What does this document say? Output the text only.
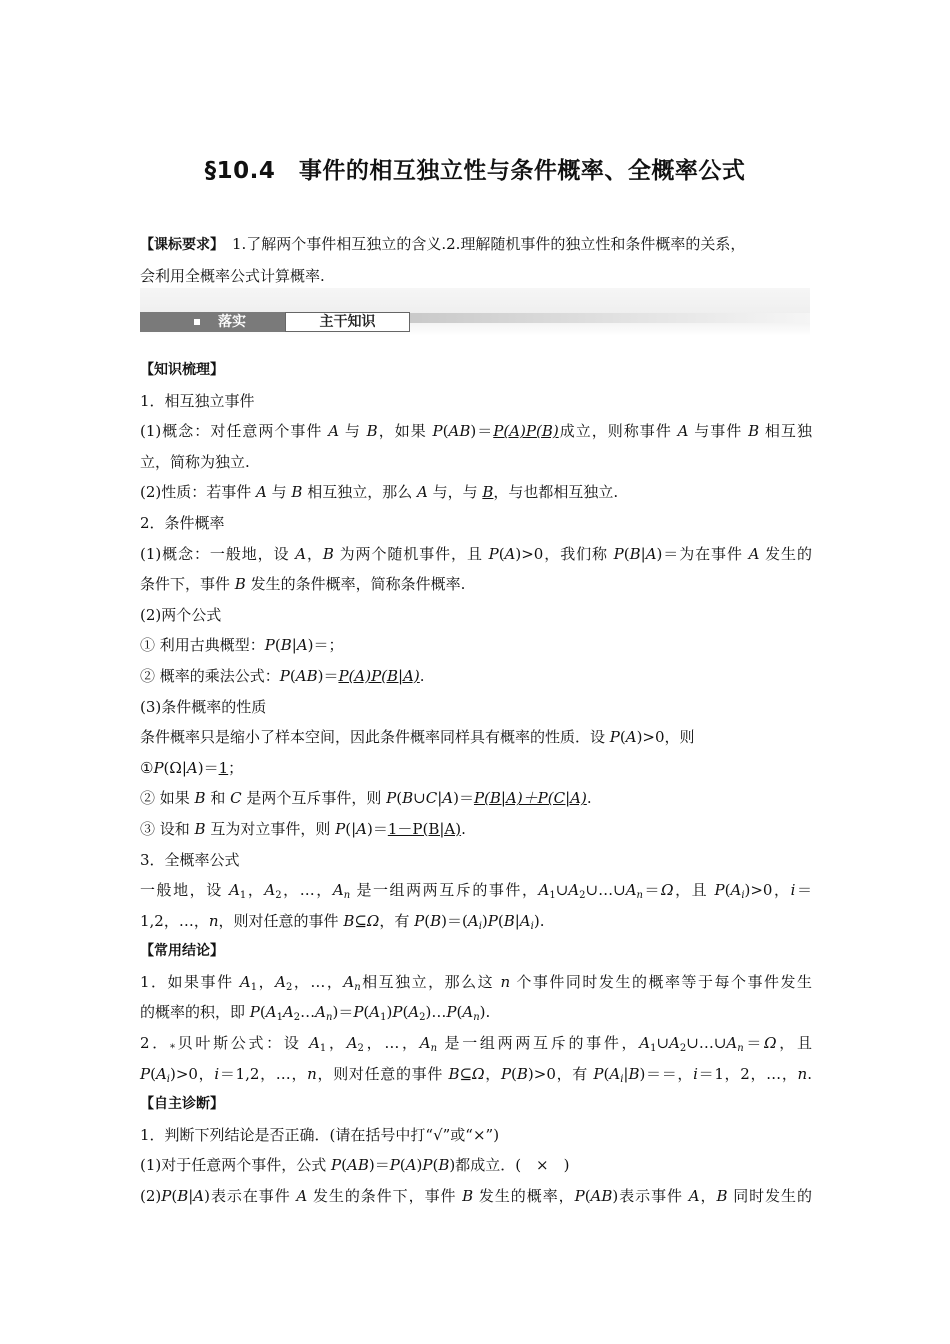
§10.4　事件的相互独立性与条件概率、全概率公式
【课标要求】 1.了解两个事件相互独立的含义.2.理解随机事件的独立性和条件概率的关系，
会利用全概率公式计算概率.
落实	主干知识
【知识梳理】
1．相互独立事件
(1)概念：对任意两个事件 A 与 B，如果 P(AB)＝P(A)P(B)成立，则称事件 A 与事件 B 相互独
立，简称为独立.
(2)性质：若事件 A 与 B 相互独立，那么 A 与，与 B，与也都相互独立.
2．条件概率
(1)概念：一般地，设 A，B 为两个随机事件，且 P(A)>0，我们称 P(B|A)＝为在事件 A 发生的
条件下，事件 B 发生的条件概率，简称条件概率.
(2)两个公式
① 利用古典概型：P(B|A)＝；
② 概率的乘法公式：P(AB)＝P(A)P(B|A).
(3)条件概率的性质
条件概率只是缩小了样本空间，因此条件概率同样具有概率的性质．设 P(A)>0，则
①P(Ω|A)＝1；
② 如果 B 和 C 是两个互斥事件，则 P(B∪C|A)＝P(B|A)＋P(C|A).
③ 设和 B 互为对立事件，则 P(|A)＝1－P(B|A).
3．全概率公式
一般地，设 $A_1$，$A_2$，…，$A_n$ 是一组两两互斥的事件，$A_1\cup A_2\cup\dots\cup A_n=\Omega$，且 $P(A_i)>0$，i＝
1,2，…，n，则对任意的事件 B⊆Ω，有 $P(B)=(A_i)P(B|A_i)$.
【常用结论】
1．如果事件 $A_1$，$A_2$，…，$A_n$相互独立，那么这 n 个事件同时发生的概率等于每个事件发生
的概率的积，即 $P(A_1A_2\dots A_n)=P(A_1)P(A_2)\dots P(A_n)$.
2．$_*$贝叶斯公式：设 $A_1$，$A_2$，…，$A_n$ 是一组两两互斥的事件，$A_1\cup A_2\cup\dots\cup A_n=\Omega$，且
$P(A_i)>0$，i＝1,2，…，n，则对任意的事件 B⊆Ω，P(B)>0，有 $P(A_i|B)==$，i＝1，2，…，n.
【自主诊断】
1．判断下列结论是否正确．(请在括号中打“√”或“×”)
(1)对于任意两个事件，公式 P(AB)＝P(A)P(B)都成立．(　×　)
(2)P(B|A)表示在事件 A 发生的条件下，事件 B 发生的概率，P(AB)表示事件 A，B 同时发生的
